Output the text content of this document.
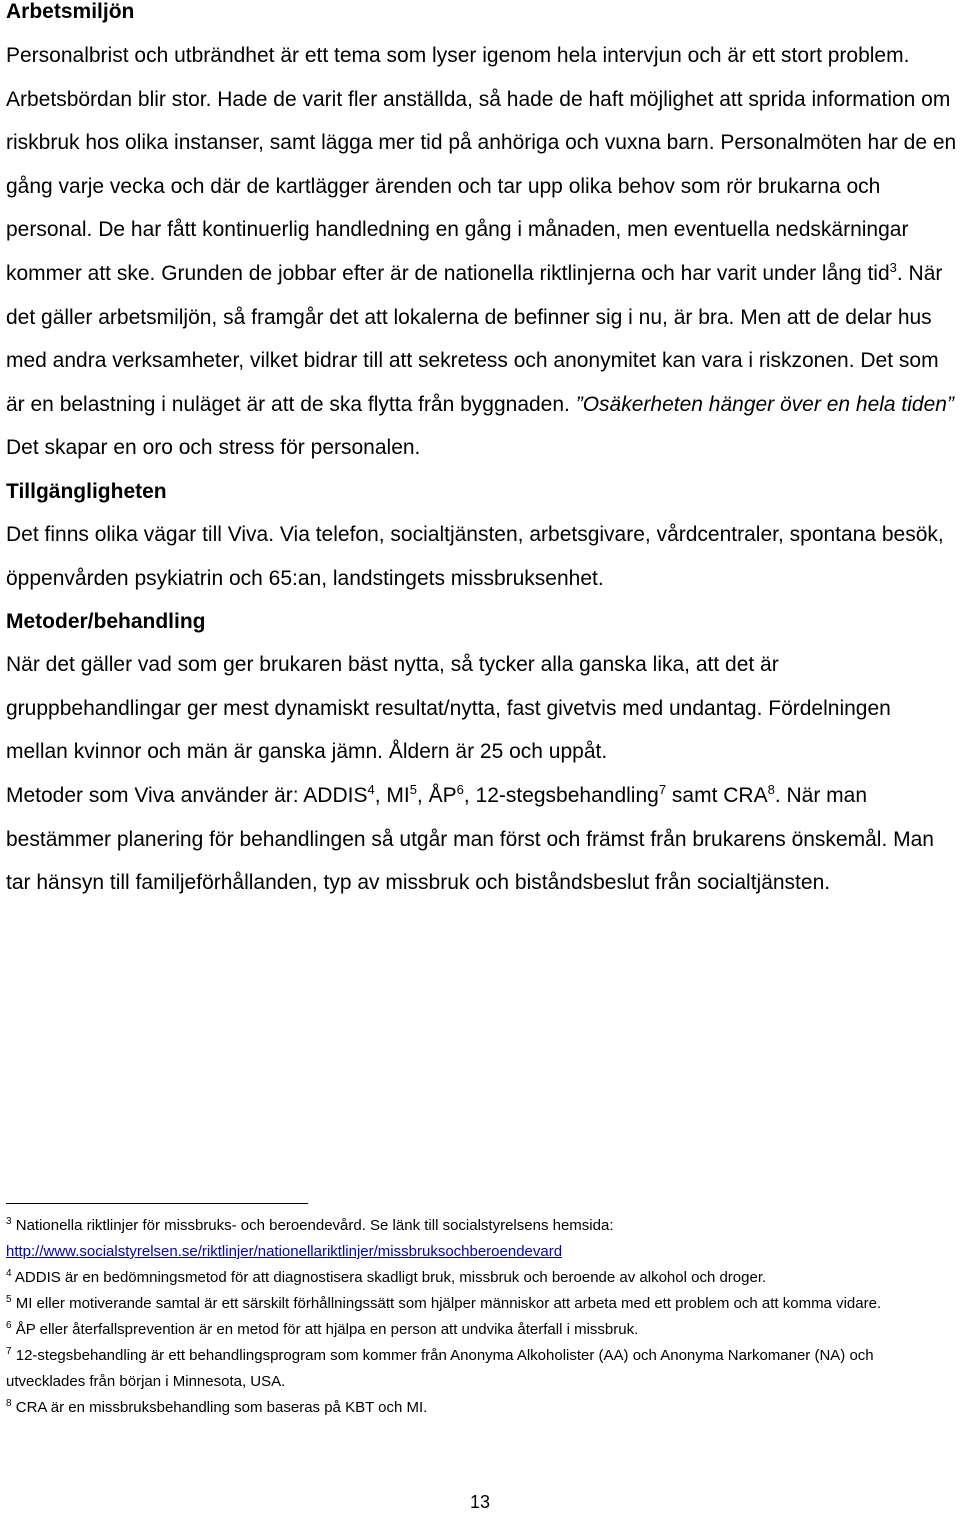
Arbetsmiljön

Personalbrist och utbrändhet är ett tema som lyser igenom hela intervjun och är ett stort problem. Arbetsbördan blir stor. Hade de varit fler anställda, så hade de haft möjlighet att sprida information om riskbruk hos olika instanser, samt lägga mer tid på anhöriga och vuxna barn. Personalmöten har de en gång varje vecka och där de kartlägger ärenden och tar upp olika behov som rör brukarna och personal. De har fått kontinuerlig handledning en gång i månaden, men eventuella nedskärningar kommer att ske. Grunden de jobbar efter är de nationella riktlinjerna och har varit under lång tid$^3$. När det gäller arbetsmiljön, så framgår det att lokalerna de befinner sig i nu, är bra. Men att de delar hus med andra verksamheter, vilket bidrar till att sekretess och anonymitet kan vara i riskzonen. Det som är en belastning i nuläget är att de ska flytta från byggnaden. ”Osäkerheten hänger över en hela tiden” Det skapar en oro och stress för personalen.

Tillgängligheten

Det finns olika vägar till Viva. Via telefon, socialtjänsten, arbetsgivare, vårdcentraler, spontana besök, öppenvården psykiatrin och 65:an, landstingets missbruksenhet.

Metoder/behandling

När det gäller vad som ger brukaren bäst nytta, så tycker alla ganska lika, att det är gruppbehandlingar ger mest dynamiskt resultat/nytta, fast givetvis med undantag. Fördelningen mellan kvinnor och män är ganska jämn. Åldern är 25 och uppåt.
Metoder som Viva använder är: ADDIS$^4$, $MI^5$, $ÅP^6$, 12-stegsbehandling$^7$ samt CRA$^8$. När man bestämmer planering för behandlingen så utgår man först och främst från brukarens önskemål. Man tar hänsyn till familjeförhållanden, typ av missbruk och biståndsbeslut från socialtjänsten.

$^3$ Nationella riktlinjer för missbruks- och beroendevård. Se länk till socialstyrelsens hemsida:
http://www.socialstyrelsen.se/riktlinjer/nationellariktlinjer/missbruksochberoendevard
$^4$ ADDIS är en bedömningsmetod för att diagnostisera skadligt bruk, missbruk och beroende av alkohol och droger.
$^5$ MI eller motiverande samtal är ett särskilt förhållningssätt som hjälper människor att arbeta med ett problem och att komma vidare.
$^6$ ÅP eller återfallsprevention är en metod för att hjälpa en person att undvika återfall i missbruk.
$^7$ 12-stegsbehandling är ett behandlingsprogram som kommer från Anonyma Alkoholister (AA) och Anonyma Narkomaner (NA) och utvecklades från början i Minnesota, USA.
$^8$ CRA är en missbruksbehandling som baseras på KBT och MI.
13
